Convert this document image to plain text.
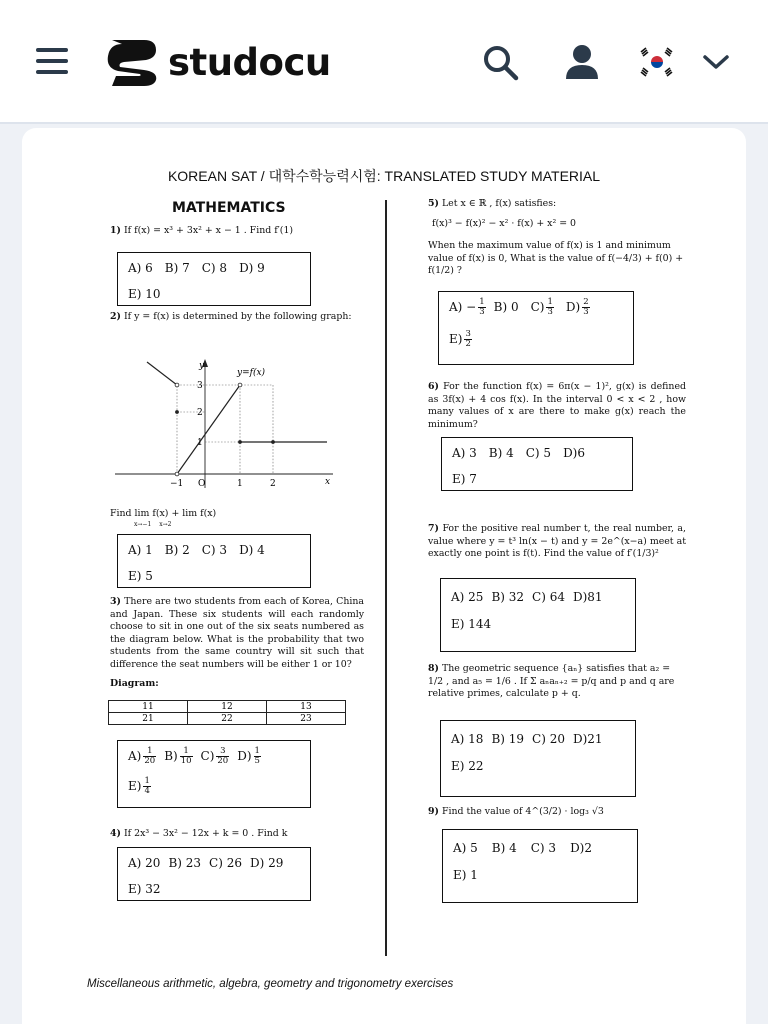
studocu
KOREAN SAT / 대학수학능력시험: TRANSLATED STUDY MATERIAL
MATHEMATICS
1) If f(x) = x³ + 3x² + x − 1 . Find f′(1)
A) 6 B) 7 C) 8 D) 9
E) 10
2) If y = f(x) is determined by the following graph:
y
y=f(x)
x
−1 O	1	2
1
2
3
Find lim f(x) + lim f(x)
x→−1 x→2
A) 1 B) 2 C) 3 D) 4
E) 5
3) There are two students from each of Korea, China and Japan. These six students will each randomly choose to sit in one out of the six seats numbered as the diagram below. What is the probability that two students from the same country will sit such that difference the seat numbers will be either 1 or 10?
Diagram:
11	12	13
21	22	23
$A) \frac{1}{20} B) \frac{1}{10} C) \frac{3}{20} D) \frac{1}{5}$
$E) \frac{1}{4}$
4) If 2x³ − 3x² − 12x + k = 0 . Find k
A) 20 B) 23 C) 26 D) 29
E) 32
5) Let x ∈ ℝ , f(x) satisfies:
f(x)³ − f(x)² − x² · f(x) + x² = 0
When the maximum value of f(x) is 1 and minimum value of f(x) is 0, What is the value of f(−4/3) + f(0) + f(1/2) ?
$A) - \frac{1}{3} B$) 0 $C) \frac{1}{3} D) \frac{2}{3}$
$E) \frac{3}{2}$
6) For the function f(x) = 6π(x − 1)², g(x) is defined as 3f(x) + 4 cos f(x). In the interval 0 < x < 2 , how many values of x are there to make g(x) reach the minimum?
A) 3 B) 4 C) 5 D)6
E) 7
7) For the positive real number t, the real number, a, value where y = t³ ln(x − t) and y = 2e^(x−a) meet at exactly one point is f(t). Find the value of f′(1/3)²
A) 25 B) 32 C) 64 D)81
E) 144
8) The geometric sequence {aₙ} satisfies that a₂ = 1/2 , and a₅ = 1/6 . If Σ aₙaₙ₊₂ = p/q and p and q are relative primes, calculate p + q.
A) 18 B) 19 C) 20 D)21
E) 22
9) Find the value of 4^(3/2) · log₃ √3
A) 5 B) 4 C) 3 D)2
E) 1
Miscellaneous arithmetic, algebra, geometry and trigonometry exercises
